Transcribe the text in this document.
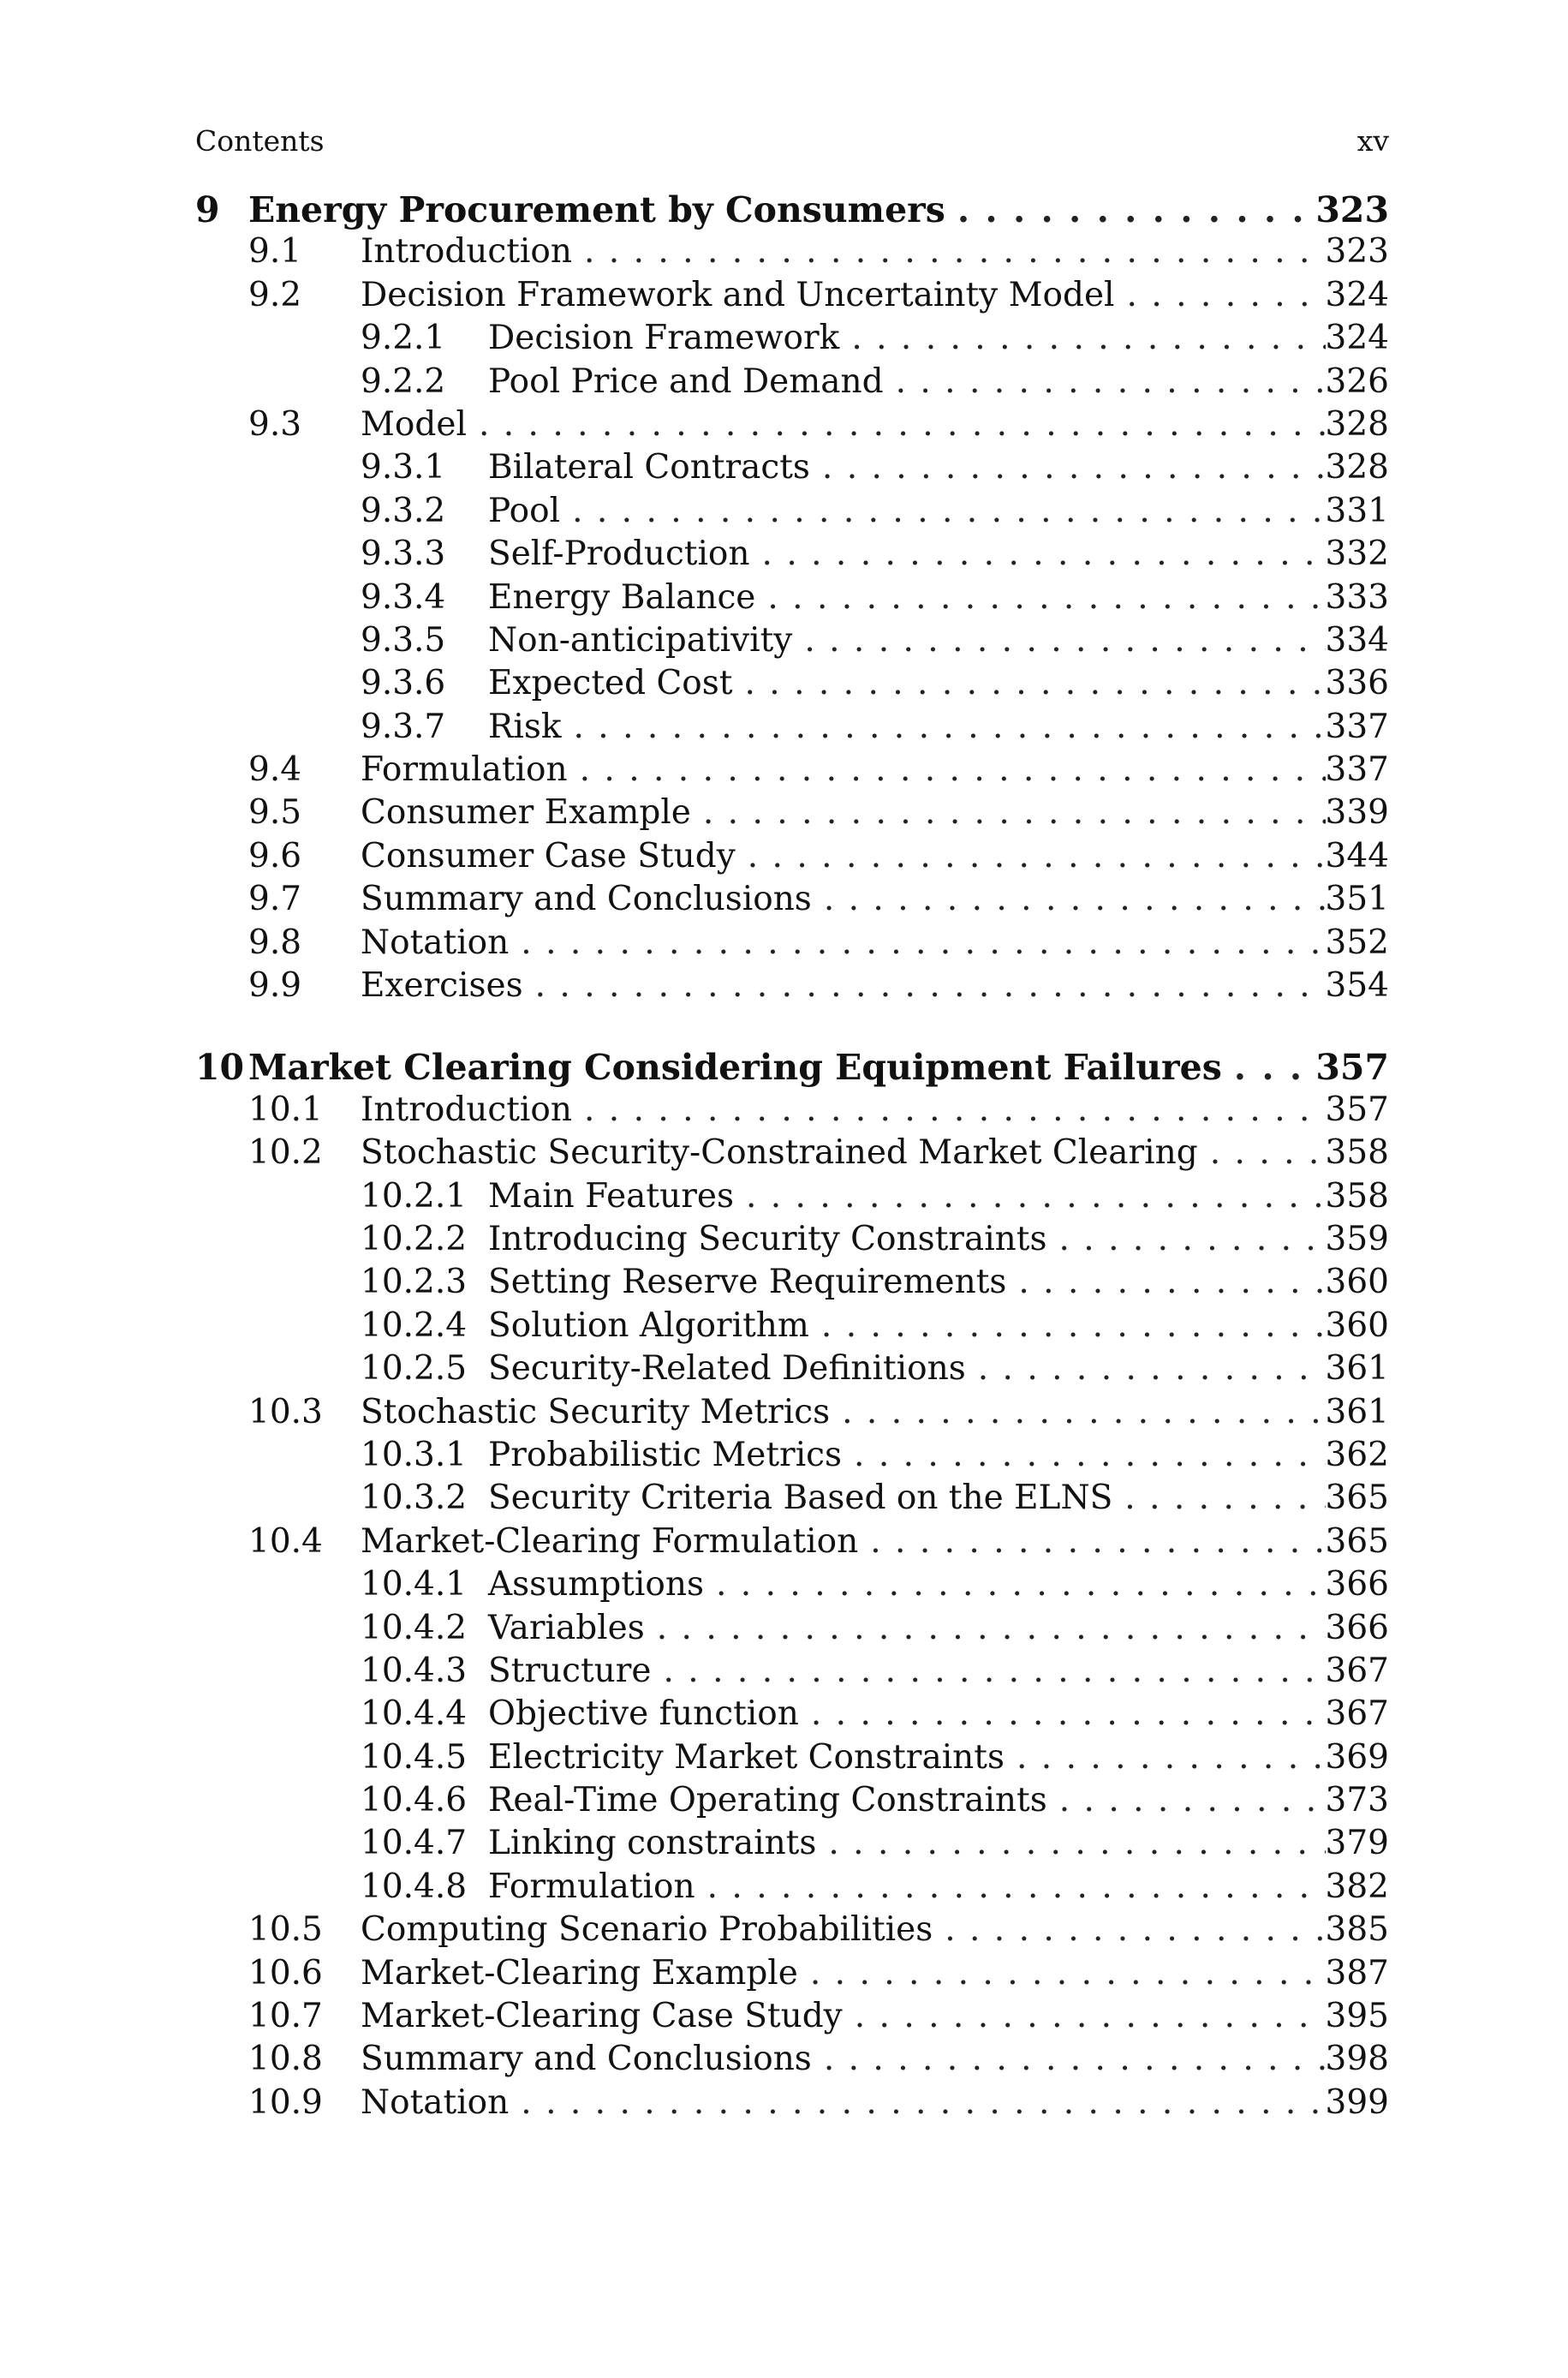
Contents	xv
9 Energy Procurement by Consumers . . .	323
9.1	Introduction . . .	323
9.2	Decision Framework and Uncertainty Model . . .	324
9.2.1	Decision Framework . . .	324
9.2.2	Pool Price and Demand . . .	326
9.3	Model . . .	328
9.3.1	Bilateral Contracts . . .	328
9.3.2	Pool . . .	331
9.3.3	Self-Production . . .	332
9.3.4	Energy Balance . . .	333
9.3.5	Non-anticipativity . . .	334
9.3.6	Expected Cost . . .	336
9.3.7	Risk . . .	337
9.4	Formulation . . .	337
9.5	Consumer Example . . .	339
9.6	Consumer Case Study . . .	344
9.7	Summary and Conclusions . . .	351
9.8	Notation . . .	352
9.9	Exercises . . .	354
10 Market Clearing Considering Equipment Failures . . .	357
10.1	Introduction . . .	357
10.2	Stochastic Security-Constrained Market Clearing . . .	358
10.2.1 Main Features . . .	358
10.2.2 Introducing Security Constraints . . .	359
10.2.3 Setting Reserve Requirements . . .	360
10.2.4 Solution Algorithm . . .	360
10.2.5 Security-Related Definitions . . .	361
10.3	Stochastic Security Metrics . . .	361
10.3.1 Probabilistic Metrics . . .	362
10.3.2 Security Criteria Based on the ELNS . . .	365
10.4	Market-Clearing Formulation . . .	365
10.4.1 Assumptions . . .	366
10.4.2 Variables . . .	366
10.4.3 Structure . . .	367
10.4.4 Objective function . . .	367
10.4.5 Electricity Market Constraints . . .	369
10.4.6 Real-Time Operating Constraints . . .	373
10.4.7 Linking constraints . . .	379
10.4.8 Formulation . . .	382
10.5	Computing Scenario Probabilities . . .	385
10.6	Market-Clearing Example . . .	387
10.7	Market-Clearing Case Study . . .	395
10.8	Summary and Conclusions . . .	398
10.9	Notation . . .	399
